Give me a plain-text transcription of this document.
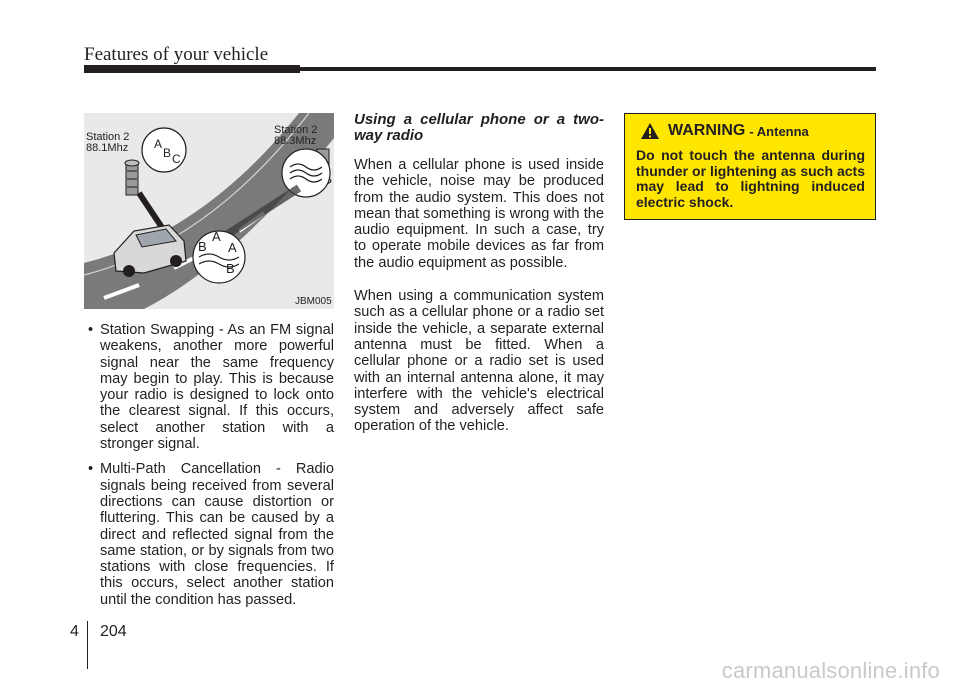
Features of your vehicle
A
B C
A
B A
B
Station 2
88.1Mhz
Station 2
88.3Mhz
JBM005
• Station Swapping - As an FM signal weakens, another more powerful signal near the same frequency may begin to play. This is because your radio is designed to lock onto the clearest signal. If this occurs, select another station with a stronger signal.
• Multi-Path Cancellation - Radio signals being received from several directions can cause distortion or fluttering. This can be caused by a direct and reflected signal from the same station, or by signals from two stations with close frequencies. If this occurs, select another station until the condition has passed.
Using a cellular phone or a two-way radio

When a cellular phone is used inside the vehicle, noise may be produced from the audio system. This does not mean that something is wrong with the audio equipment. In such a case, try to operate mobile devices as far from the audio equipment as possible.

When using a communication system such as a cellular phone or a radio set inside the vehicle, a separate external antenna must be fitted. When a cellular phone or a radio set is used with an internal antenna alone, it may interfere with the vehicle's electrical system and adversely affect safe operation of the vehicle.

WARNING - Antenna
Do not touch the antenna during thunder or lightening as such acts may lead to lightning induced electric shock.
4 204
carmanualsonline.info
